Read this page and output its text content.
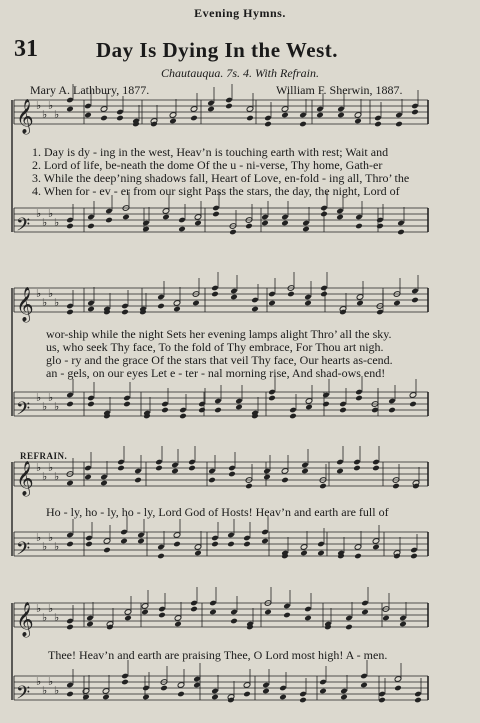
Evening Hymns.
31	Day Is Dying In the West.
Chautauqua. 7s. 4. With Refrain.
Mary A. Lathbury, 1877.	William F. Sherwin, 1887.
𝄞 ♭
♭
♭
♭
𝄢
♭
♭
♭
♭
𝄞 ♭
♭
♭
♭
𝄢
♭
♭
♭
♭
𝄞 ♭
♭
♭
♭
𝄢
♭
♭
♭
♭
𝄞 ♭
♭
♭
♭
𝄢
♭
♭
♭
♭
1. Day is dy - ing in the west, Heav’n is touching earth with rest; Wait and
2. Lord of life, be-neath the dome Of the u - ni-verse, Thy home, Gath-er
3. While the deep’ning shadows fall, Heart of Love, en-fold - ing all, Thro’ the
4. When for - ev - er from our sight Pass the stars, the day, the night, Lord of
wor-ship while the night Sets her evening lamps alight Thro’ all the sky.
us, who seek Thy face, To the fold of Thy embrace, For Thou art nigh.
glo - ry and the grace Of the stars that veil Thy face, Our hearts as-cend.
an - gels, on our eyes Let e - ter - nal morning rise, And shad-ows end!
REFRAIN.
Ho - ly, ho - ly, ho - ly, Lord God of Hosts! Heav’n and earth are full of
Thee! Heav’n and earth are praising Thee, O Lord most high! A - men.
